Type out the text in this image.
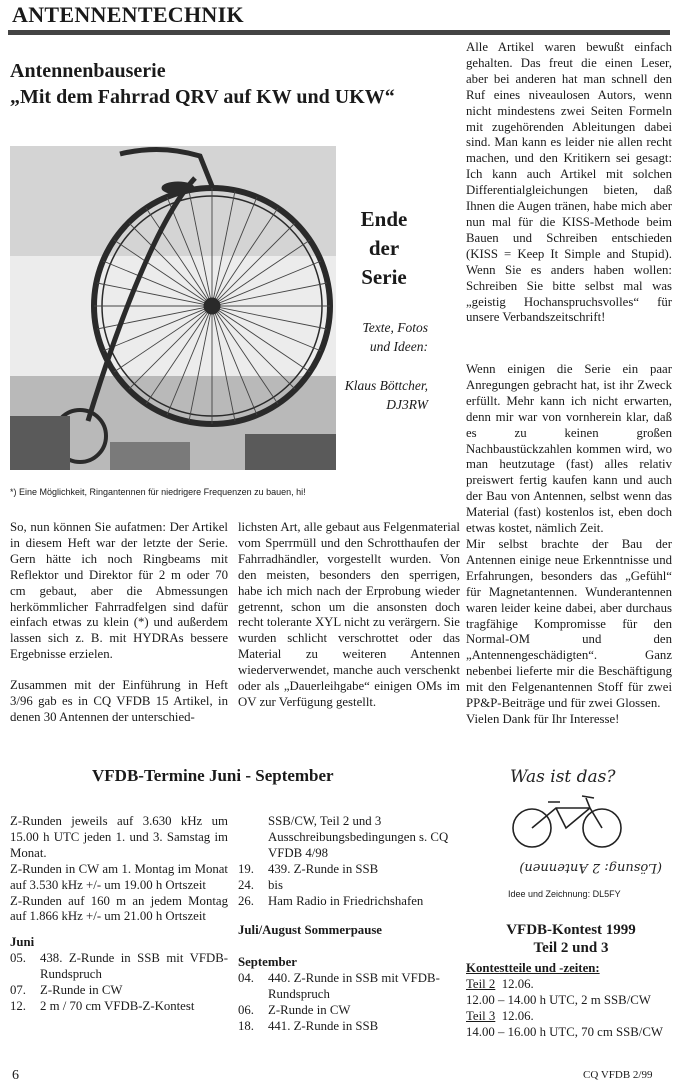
ANTENNENTECHNIK
Antennenbauserie
„Mit dem Fahrrad QRV auf KW und UKW“
Ende
der
Serie
Texte, Fotos
und Ideen:
Klaus Böttcher,
DJ3RW
*) Eine Möglichkeit, Ringantennen für niedrigere Frequenzen zu bauen, hi!

So, nun können Sie aufatmen: Der Artikel in diesem Heft war der letzte der Serie. Gern hätte ich noch Ringbeams mit Reflektor und Direktor für 2 m oder 70 cm gebaut, aber die Abmessungen herkömmlicher Fahrradfelgen sind dafür einfach etwas zu klein (*) und außerdem lassen sich z. B. mit HYDRAs bessere Ergebnisse erzielen.

Zusammen mit der Einführung in Heft 3/96 gab es in CQ VFDB 15 Artikel, in denen 30 Antennen der unterschied-

lichsten Art, alle gebaut aus Felgenmaterial vom Sperrmüll und den Schrotthaufen der Fahrradhändler, vorgestellt wurden. Von den meisten, besonders den sperrigen, habe ich mich nach der Erprobung wieder getrennt, schon um die ansonsten doch recht tolerante XYL nicht zu verärgern. Sie wurden schlicht verschrottet oder das Material zu weiteren Antennen wiederverwendet, manche auch verschenkt oder als „Dauerleihgabe“ einigen OMs im OV zur Verfügung gestellt.

Alle Artikel waren bewußt einfach gehalten. Das freut die einen Leser, aber bei anderen hat man schnell den Ruf eines niveaulosen Autors, wenn nicht mindestens zwei Seiten Formeln mit zugehörenden Ableitungen dabei sind. Man kann es leider nie allen recht machen, und den Kritikern sei gesagt: Ich kann auch Artikel mit solchen Differentialgleichungen bieten, daß Ihnen die Augen tränen, habe mich aber nun mal für die KISS-Methode beim Bauen und Schreiben entschieden (KISS = Keep It Simple and Stupid). Wenn Sie es anders haben wollen: Schreiben Sie bitte selbst mal was „geistig Hochanspruchsvolles“ für unsere Verbandszeitschrift!

Wenn einigen die Serie ein paar Anregungen gebracht hat, ist ihr Zweck erfüllt. Mehr kann ich nicht erwarten, denn mir war von vornherein klar, daß es zu keinen großen Nachbaustückzahlen kommen wird, wo man heutzutage (fast) alles relativ preiswert fertig kaufen kann und auch der Bau von Antennen, selbst wenn das Material (fast) kostenlos ist, eben doch etwas kostet, nämlich Zeit.

Mir selbst brachte der Bau der Antennen einige neue Erkenntnisse und Erfahrungen, besonders das „Gefühl“ für Magnetantennen. Wunderantennen waren leider keine dabei, aber durchaus tragfähige Kompromisse für den Normal-OM und den „Antennengeschädigten“. Ganz nebenbei lieferte mir die Beschäftigung mit den Felgenantennen Stoff für zwei PP&P-Beiträge und für zwei Glossen.

Vielen Dank für Ihr Interesse!

VFDB-Termine Juni - September
Z-Runden jeweils auf 3.630 kHz um 15.00 h UTC jeden 1. und 3. Samstag im Monat.
Z-Runden in CW am 1. Montag im Monat auf 3.530 kHz +/- um 19.00 h Ortszeit
Z-Runden auf 160 m an jedem Montag auf 1.866 kHz +/- um 21.00 h Ortszeit
Juni
05.	438. Z-Runde in SSB mit VFDB-Rundspruch
07.	Z-Runde in CW
12.	2 m / 70 cm VFDB-Z-Kontest
SSB/CW, Teil 2 und 3 Ausschreibungsbedingungen s. CQ VFDB 4/98
19.	439. Z-Runde in SSB
24.	bis
26.	Ham Radio in Friedrichshafen
Juli/August Sommerpause
September
04.	440. Z-Runde in SSB mit VFDB-Rundspruch
06.	Z-Runde in CW
18.	441. Z-Runde in SSB
Was ist das?
(Lösung: 2 Antennen)
Idee und Zeichnung: DL5FY
VFDB-Kontest 1999
Teil 2 und 3
Kontestteile und -zeiten:
Teil 2 12.06.
12.00 – 14.00 h UTC, 2 m SSB/CW
Teil 3 12.06.
14.00 – 16.00 h UTC, 70 cm SSB/CW
6	CQ VFDB 2/99
